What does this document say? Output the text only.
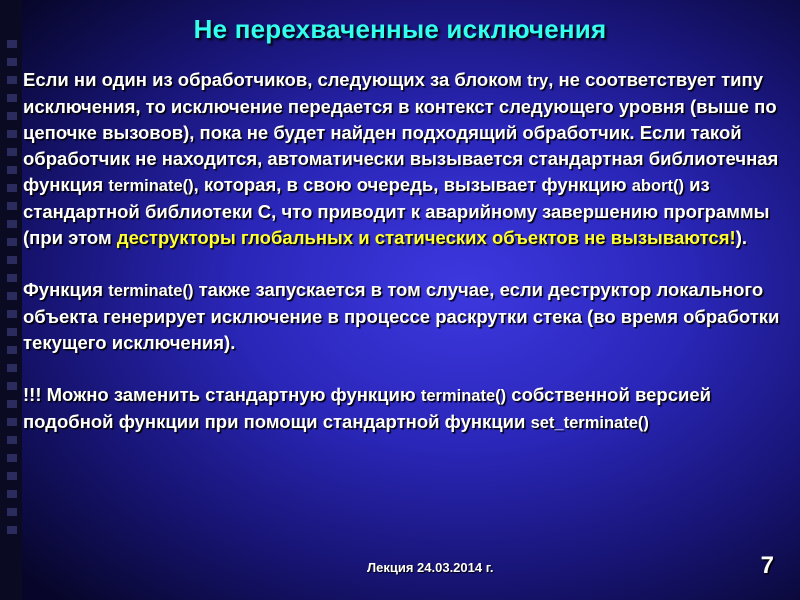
Не перехваченные исключения

Если ни один из обработчиков, следующих за блоком try, не соответствует типу исключения, то исключение передается в контекст следующего уровня (выше по цепочке вызовов), пока не будет найден подходящий обработчик. Если такой обработчик не находится, автоматически вызывается стандартная библиотечная функция terminate(), которая, в свою очередь, вызывает функцию abort() из стандартной библиотеки С, что приводит к аварийному завершению программы (при этом деструкторы глобальных и статических объектов не вызываются!).

Функция terminate() также запускается в том случае, если деструктор локального объекта генерирует исключение в процессе раскрутки стека (во время обработки текущего исключения).

!!! Можно заменить стандартную функцию terminate() собственной версией подобной функции при помощи стандартной функции set_terminate()

Лекция 24.03.2014 г.	7
